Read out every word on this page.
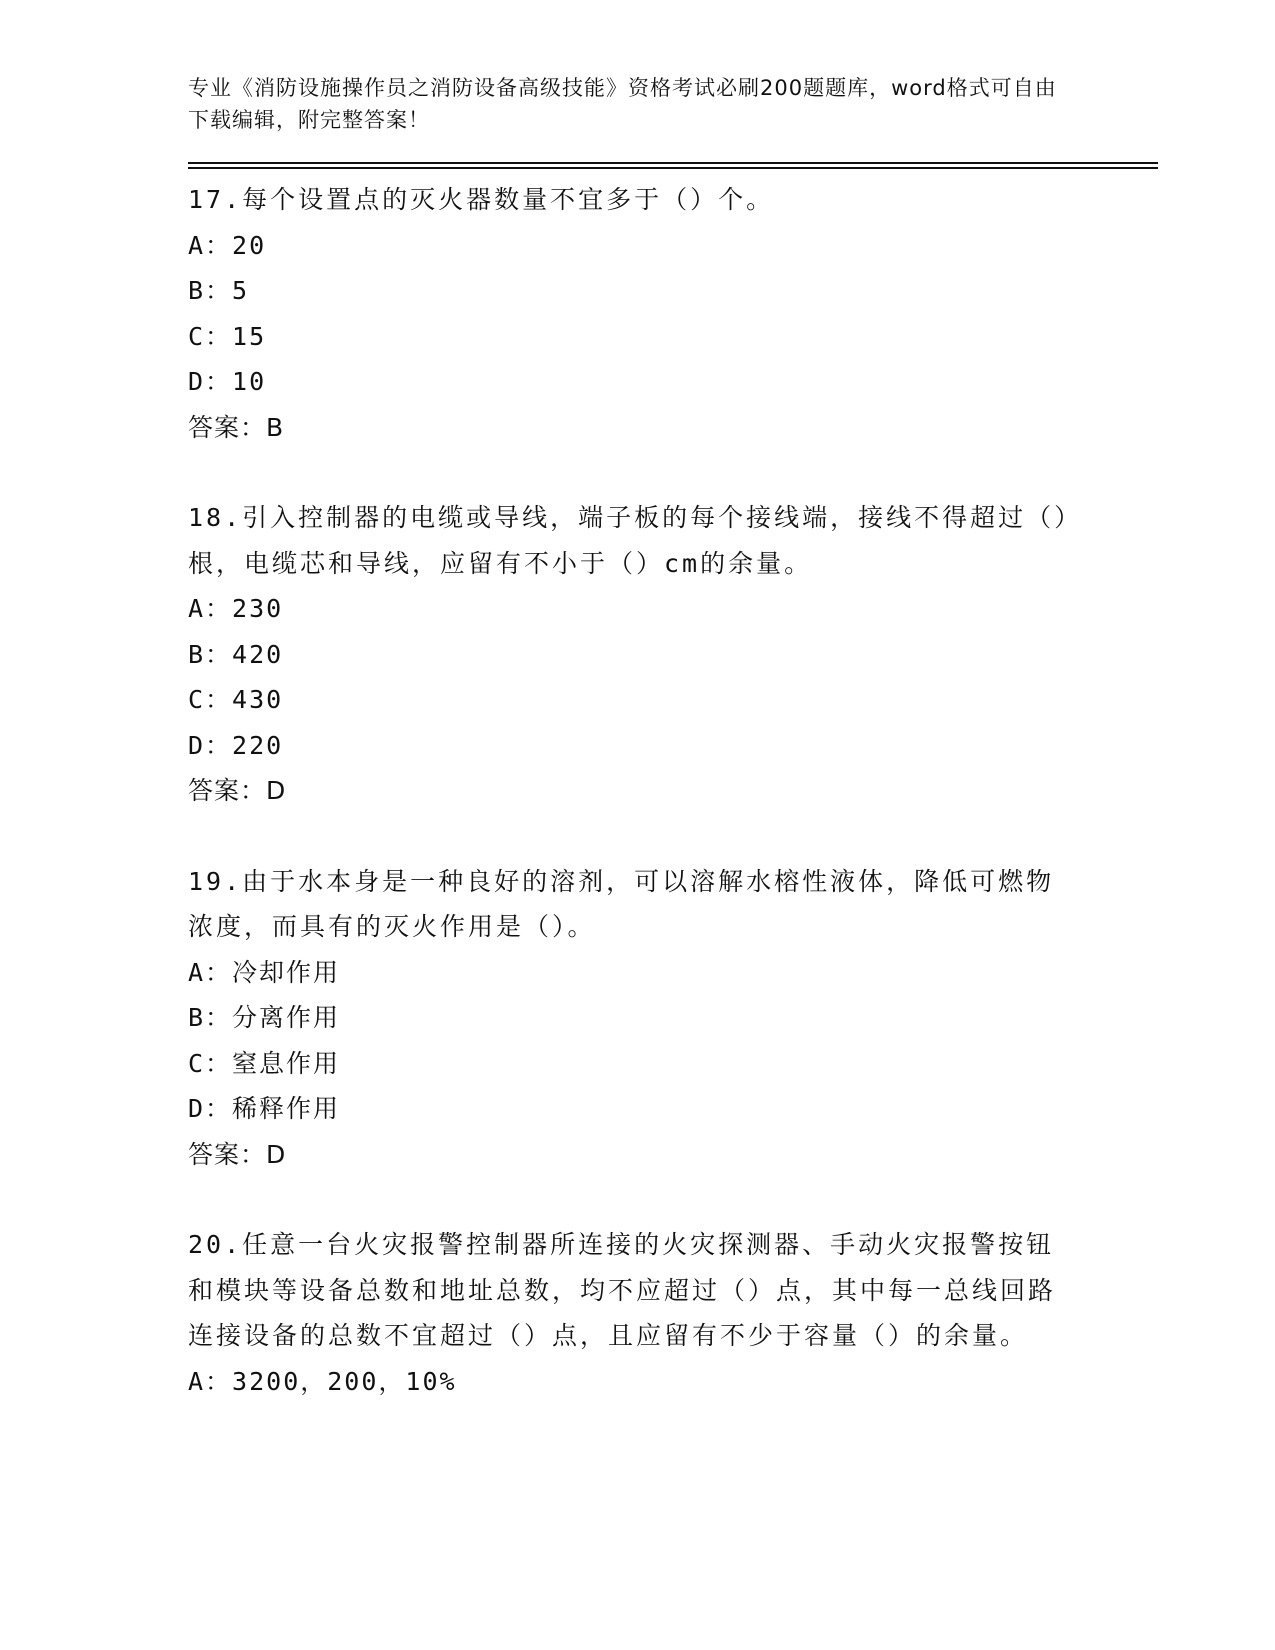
专业《消防设施操作员之消防设备高级技能》资格考试必刷200题题库，word格式可自由下载编辑，附完整答案！

17.每个设置点的灭火器数量不宜多于（）个。

A：20

B：5

C：15

D：10

答案：B

18.引入控制器的电缆或导线，端子板的每个接线端，接线不得超过（）根，电缆芯和导线，应留有不小于（）cm的余量。

A：230

B：420

C：430

D：220

答案：D

19.由于水本身是一种良好的溶剂，可以溶解水榕性液体，降低可燃物浓度，而具有的灭火作用是（）。

A：冷却作用

B：分离作用

C：窒息作用

D：稀释作用

答案：D

20.任意一台火灾报警控制器所连接的火灾探测器、手动火灾报警按钮和模块等设备总数和地址总数，均不应超过（）点，其中每一总线回路连接设备的总数不宜超过（）点，且应留有不少于容量（）的余量。

A：3200，200，10%
